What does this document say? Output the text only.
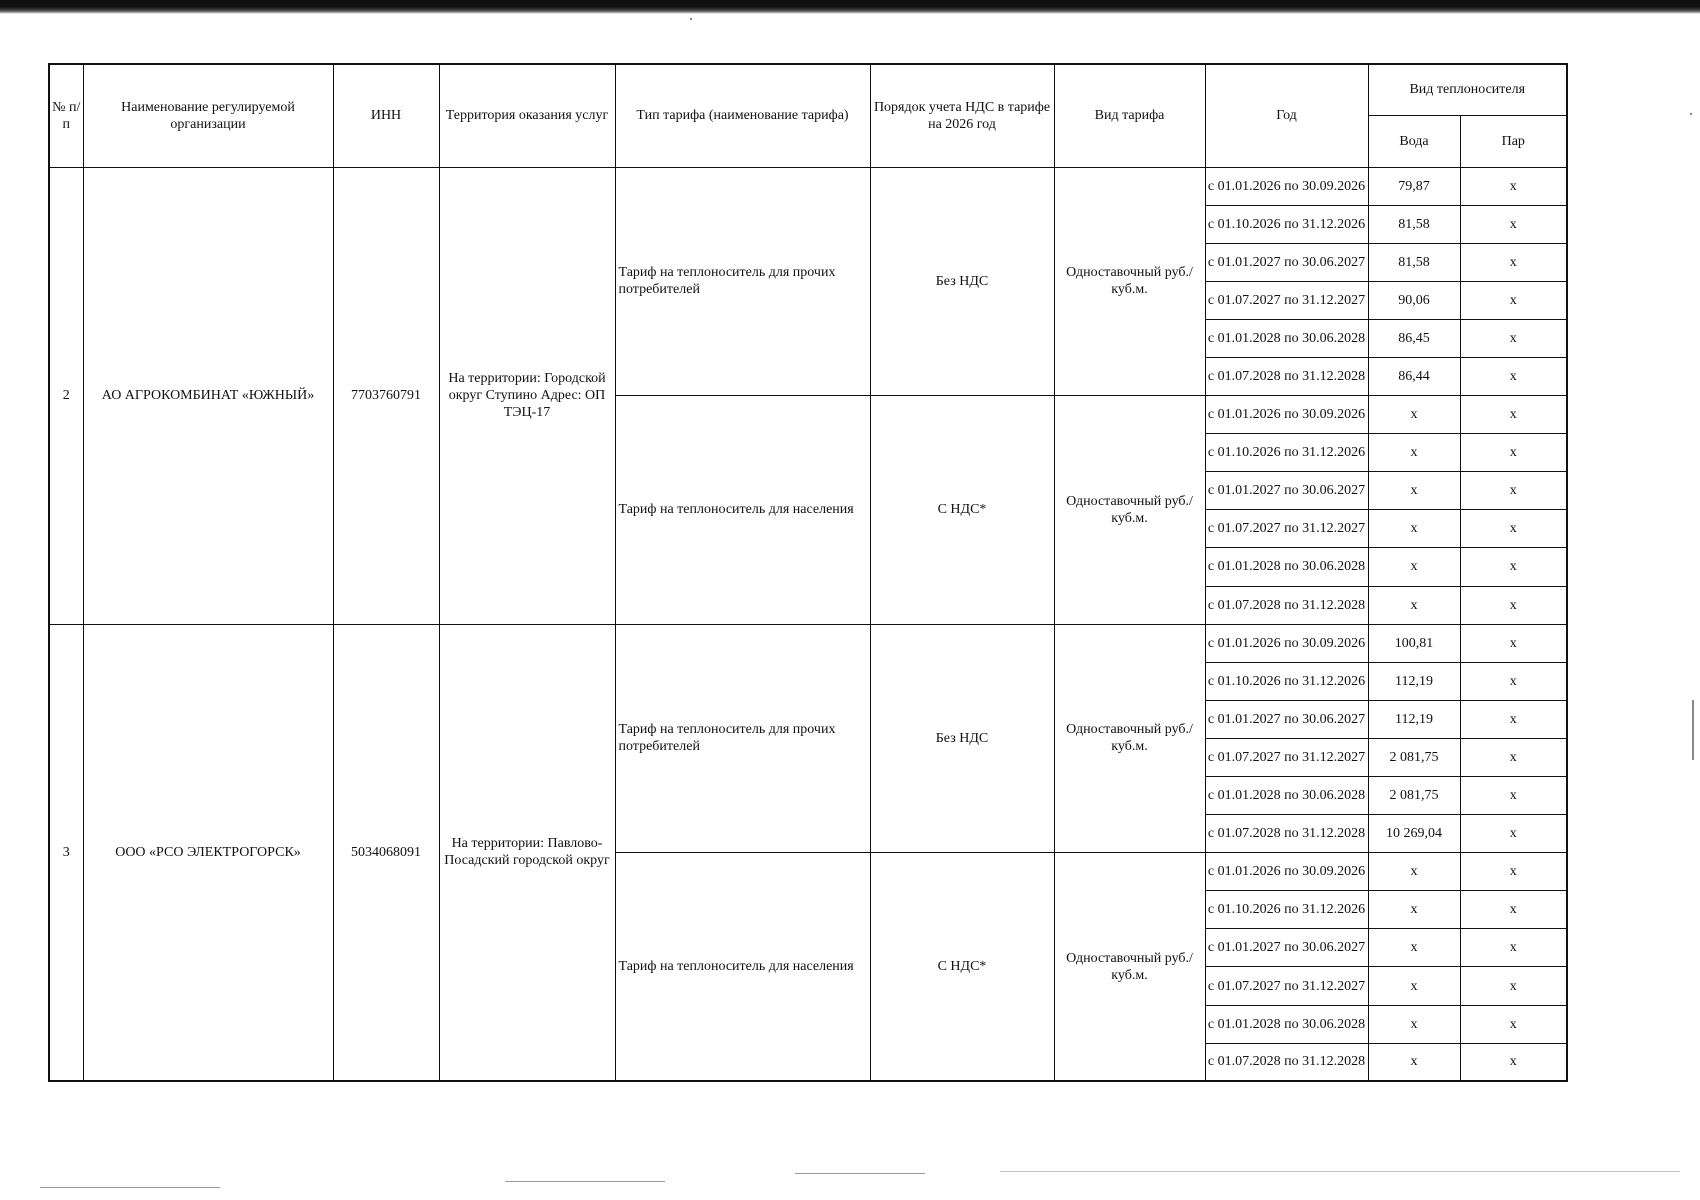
№ п/п	Наименование регулируемой организации	ИНН	Территория оказания услуг	Тип тарифа (наименование тарифа)	Порядок учета НДС в тарифе на 2026 год	Вид тарифа	Год	Вид теплоносителя	
								Вода	Пар
2	АО АГРОКОМБИНАТ «ЮЖНЫЙ»	7703760791	На территории: Городской округ Ступино Адрес: ОП ТЭЦ-17	Тариф на теплоноситель для прочих потребителей	Без НДС	Одноставочный руб./куб.м.	с 01.01.2026 по 30.09.2026	79,87	x
							с 01.10.2026 по 31.12.2026	81,58	x
							с 01.01.2027 по 30.06.2027	81,58	x
							с 01.07.2027 по 31.12.2027	90,06	x
							с 01.01.2028 по 30.06.2028	86,45	x
							с 01.07.2028 по 31.12.2028	86,44	x
				Тариф на теплоноситель для населения	С НДС*	Одноставочный руб./куб.м.	с 01.01.2026 по 30.09.2026	x	x
							с 01.10.2026 по 31.12.2026	x	x
							с 01.01.2027 по 30.06.2027	x	x
							с 01.07.2027 по 31.12.2027	x	x
							с 01.01.2028 по 30.06.2028	x	x
							с 01.07.2028 по 31.12.2028	x	x
3	ООО «РСО ЭЛЕКТРОГОРСК»	5034068091	На территории: Павлово-Посадский городской округ	Тариф на теплоноситель для прочих потребителей	Без НДС	Одноставочный руб./куб.м.	с 01.01.2026 по 30.09.2026	100,81	x
							с 01.10.2026 по 31.12.2026	112,19	x
							с 01.01.2027 по 30.06.2027	112,19	x
							с 01.07.2027 по 31.12.2027	2 081,75	x
							с 01.01.2028 по 30.06.2028	2 081,75	x
							с 01.07.2028 по 31.12.2028	10 269,04	x
				Тариф на теплоноситель для населения	С НДС*	Одноставочный руб./куб.м.	с 01.01.2026 по 30.09.2026	x	x
							с 01.10.2026 по 31.12.2026	x	x
							с 01.01.2027 по 30.06.2027	x	x
							с 01.07.2027 по 31.12.2027	x	x
							с 01.01.2028 по 30.06.2028	x	x
							с 01.07.2028 по 31.12.2028	x	x
